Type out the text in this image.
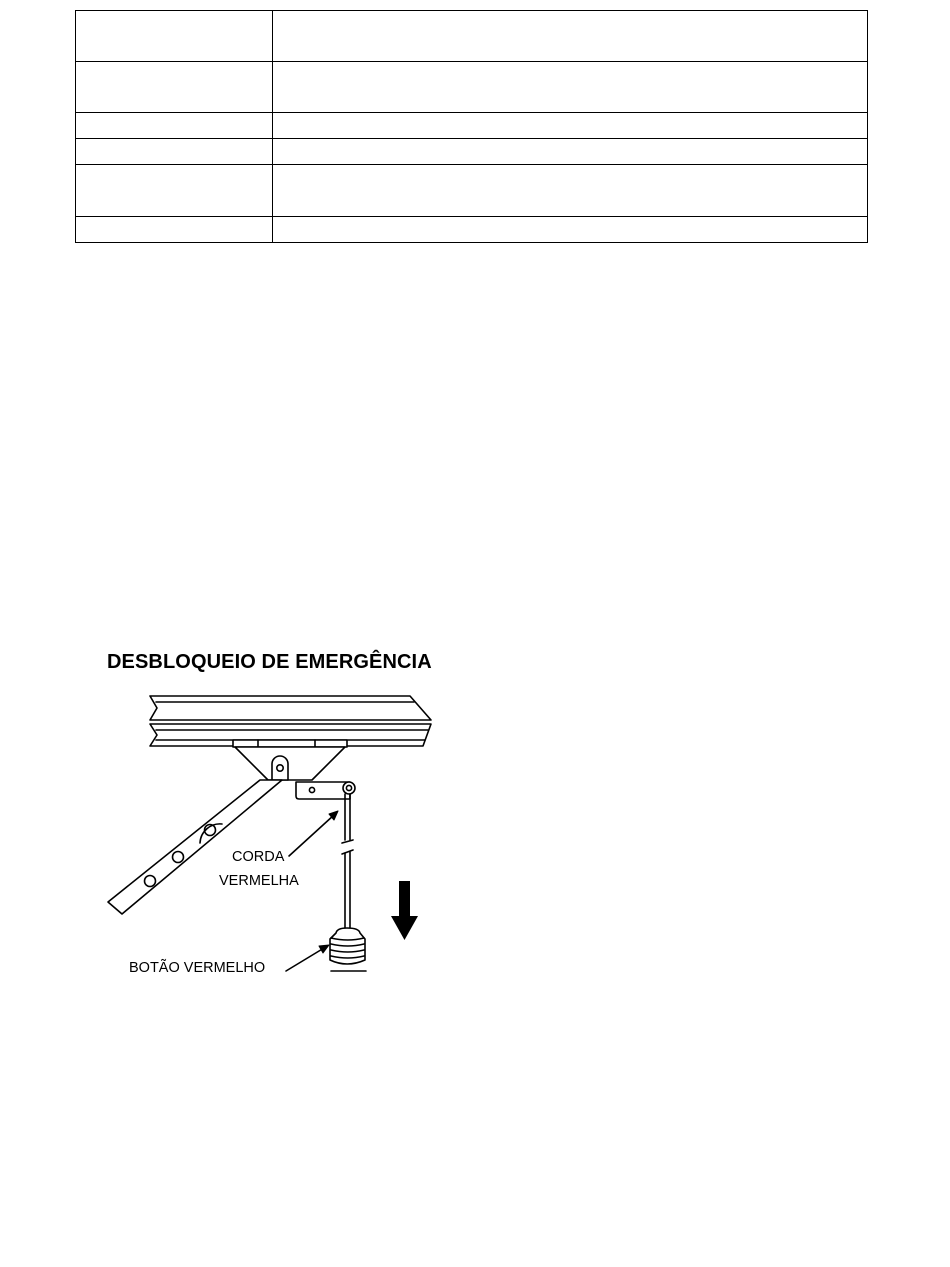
DESBLOQUEIO DE EMERGÊNCIA
CORDA
VERMELHA
BOTÃO VERMELHO
